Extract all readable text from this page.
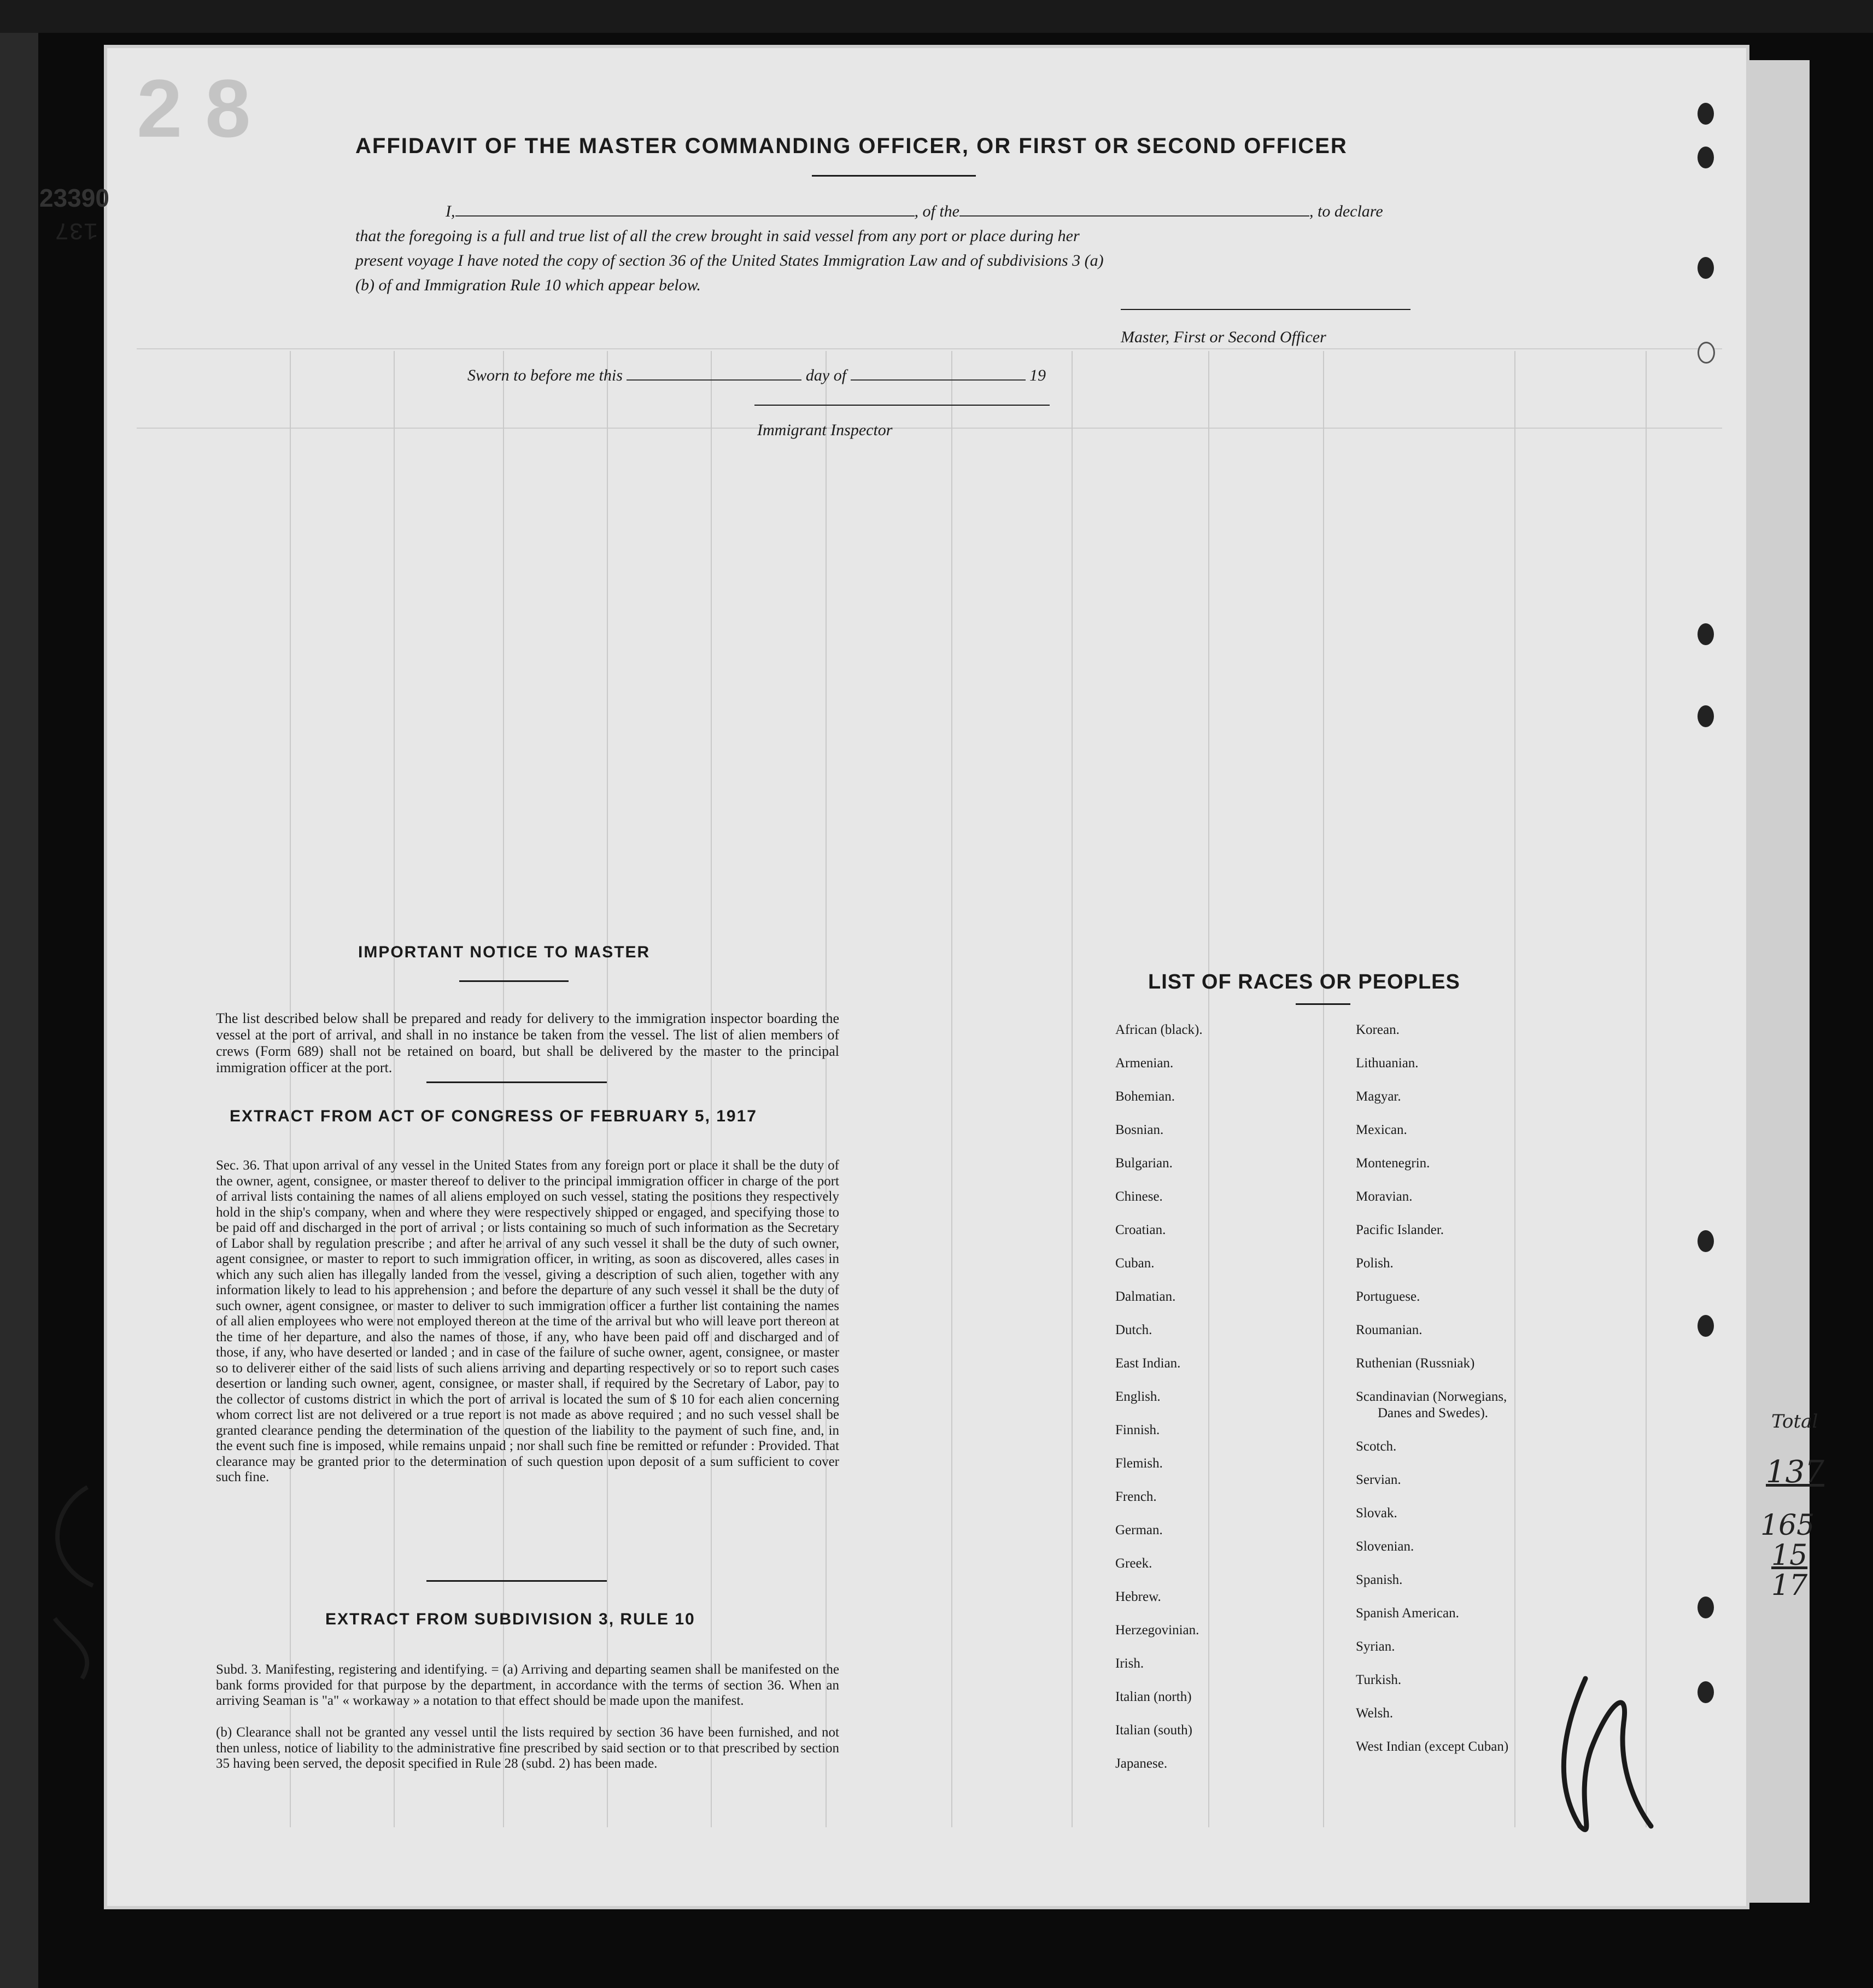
2 8
23390
137
AFFIDAVIT OF THE MASTER COMMANDING OFFICER, OR FIRST OR SECOND OFFICER
I,	, of the	, to declare
that the foregoing is a full and true list of all the crew brought in said vessel from any port or place during her
present voyage I have noted the copy of section 36 of the United States Immigration Law and of subdivisions 3 (a)
(b) of and Immigration Rule 10 which appear below.
Master, First or Second Officer
Sworn to before me this	day of	19
Immigrant Inspector
IMPORTANT NOTICE TO MASTER
The list described below shall be prepared and ready for delivery to the immigration inspector boarding the vessel at the port of arrival, and shall in no instance be taken from the vessel. The list of alien members of crews (Form 689) shall not be retained on board, but shall be delivered by the master to the principal immigration officer at the port.
EXTRACT FROM ACT OF CONGRESS OF FEBRUARY 5, 1917
Sec. 36. That upon arrival of any vessel in the United States from any foreign port or place it shall be the duty of the owner, agent, consignee, or master thereof to deliver to the principal immigration officer in charge of the port of arrival lists containing the names of all aliens employed on such vessel, stating the positions they respectively hold in the ship's company, when and where they were respectively shipped or engaged, and specifying those to be paid off and discharged in the port of arrival ; or lists containing so much of such information as the Secretary of Labor shall by regulation prescribe ; and after he arrival of any such vessel it shall be the duty of such owner, agent consignee, or master to report to such immigration officer, in writing, as soon as discovered, alles cases in which any such alien has illegally landed from the vessel, giving a description of such alien, together with any information likely to lead to his apprehension ; and before the departure of any such vessel it shall be the duty of such owner, agent consignee, or master to deliver to such immigration officer a further list containing the names of all alien employees who were not employed thereon at the time of the arrival but who will leave port thereon at the time of her departure, and also the names of those, if any, who have been paid off and discharged and of those, if any, who have deserted or landed ; and in case of the failure of suche owner, agent, consignee, or master so to deliverer either of the said lists of such aliens arriving and departing respectively or so to report such cases desertion or landing such owner, agent, consignee, or master shall, if required by the Secretary of Labor, pay to the collector of customs district in which the port of arrival is located the sum of $ 10 for each alien concerning whom correct list are not delivered or a true report is not made as above required ; and no such vessel shall be granted clearance pending the determination of the question of the liability to the payment of such fine, and, in the event such fine is imposed, while remains unpaid ; nor shall such fine be remitted or refunder : Provided. That clearance may be granted prior to the determination of such question upon deposit of a sum sufficient to cover such fine.
EXTRACT FROM SUBDIVISION 3, RULE 10
Subd. 3. Manifesting, registering and identifying. = (a) Arriving and departing seamen shall be manifested on the bank forms provided for that purpose by the department, in accordance with the terms of section 36. When an arriving Seaman is "a" « workaway » a notation to that effect should be made upon the manifest.
(b) Clearance shall not be granted any vessel until the lists required by section 36 have been furnished, and not then unless, notice of liability to the administrative fine prescribed by said section or to that prescribed by section 35 having been served, the deposit specified in Rule 28 (subd. 2) has been made.
LIST OF RACES OR PEOPLES
African (black).
Armenian.
Bohemian.
Bosnian.
Bulgarian.
Chinese.
Croatian.
Cuban.
Dalmatian.
Dutch.
East Indian.
English.
Finnish.
Flemish.
French.
German.
Greek.
Hebrew.
Herzegovinian.
Irish.
Italian (north)
Italian (south)
Japanese.
Korean.
Lithuanian.
Magyar.
Mexican.
Montenegrin.
Moravian.
Pacific Islander.
Polish.
Portuguese.
Roumanian.
Ruthenian (Russniak)
Scandinavian (Norwegians,
Danes and Swedes).
Scotch.
Servian.
Slovak.
Slovenian.
Spanish.
Spanish American.
Syrian.
Turkish.
Welsh.
West Indian (except Cuban)
Total
137
165
15
17
